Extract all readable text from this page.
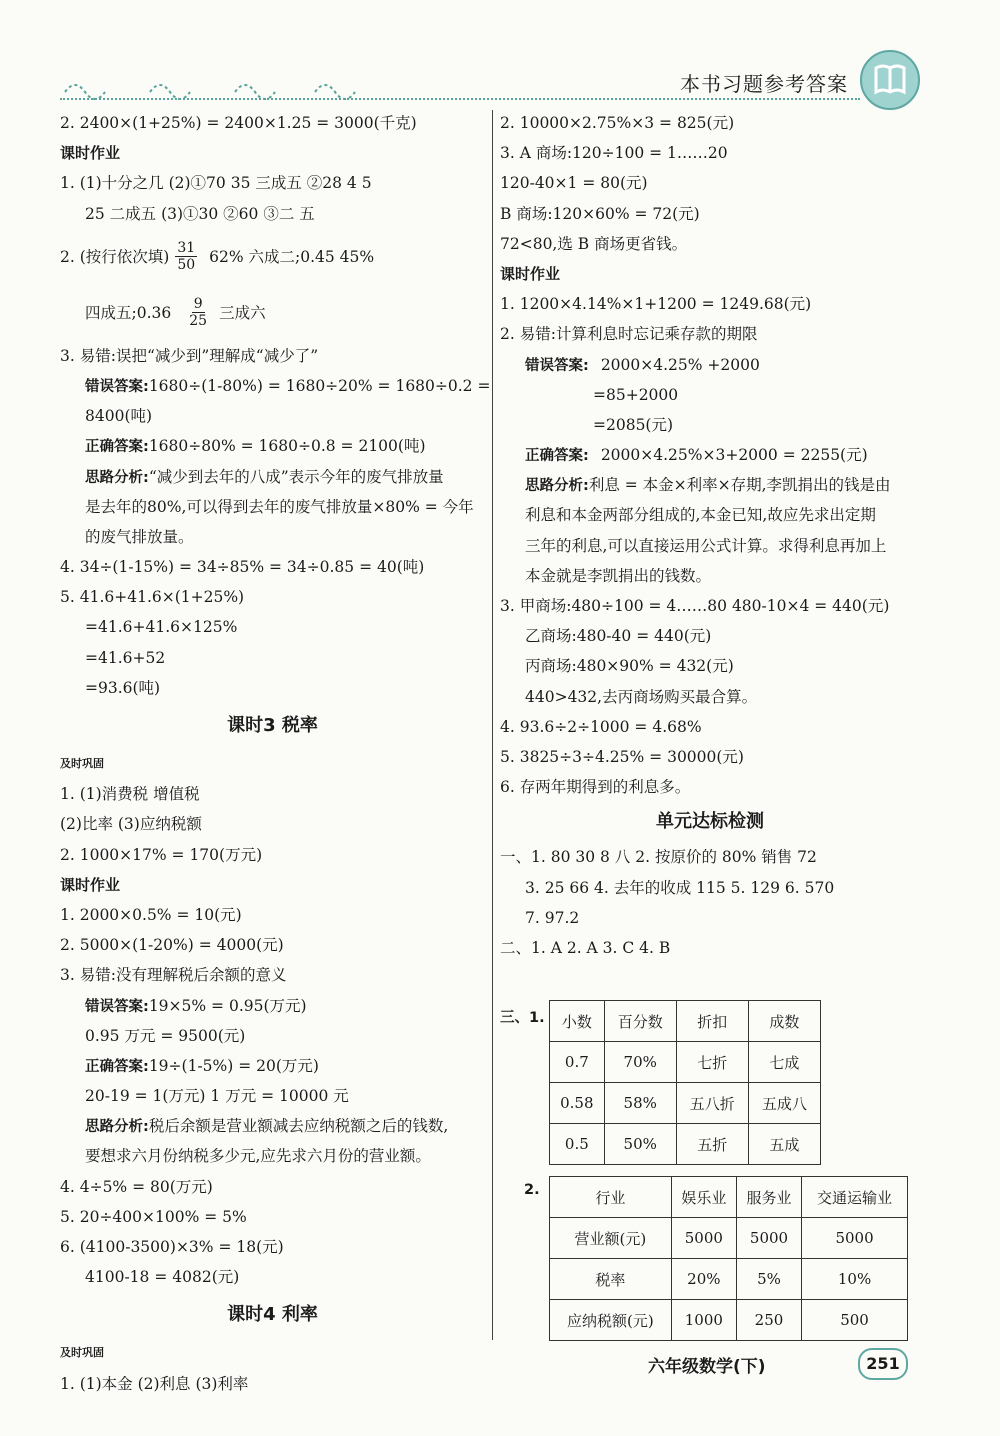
本书习题参考答案
2. 2400×(1+25%) = 2400×1.25 = 3000(千克)
课时作业
1. (1)十分之几 (2)①70 35 三成五 ②28 4 5
25 二成五 (3)①30 ②60 ③二 五
2. (按行依次填) $\frac{31}{50} 62\%$ 六成二;0.45 45%
四成五;0.36 $\frac{9}{25}$ 三成六
3. 易错:误把“减少到”理解成“减少了”
错误答案:1680÷(1-80%) = 1680÷20% = 1680÷0.2 =
8400(吨)
正确答案:1680÷80% = 1680÷0.8 = 2100(吨)
思路分析:“减少到去年的八成”表示今年的废气排放量
是去年的80%,可以得到去年的废气排放量×80% = 今年
的废气排放量。
4. 34÷(1-15%) = 34÷85% = 34÷0.85 = 40(吨)
5. 41.6+41.6×(1+25%)
=41.6+41.6×125%
=41.6+52
=93.6(吨)
课时3 税率
及时巩固
1. (1)消费税 增值税
(2)比率 (3)应纳税额
2. 1000×17% = 170(万元)
课时作业
1. 2000×0.5% = 10(元)
2. 5000×(1-20%) = 4000(元)
3. 易错:没有理解税后余额的意义
错误答案:19×5% = 0.95(万元)
0.95 万元 = 9500(元)
正确答案:19÷(1-5%) = 20(万元)
20-19 = 1(万元) 1 万元 = 10000 元
思路分析:税后余额是营业额减去应纳税额之后的钱数,
要想求六月份纳税多少元,应先求六月份的营业额。
4. 4÷5% = 80(万元)
5. 20÷400×100% = 5%
6. (4100-3500)×3% = 18(元)
4100-18 = 4082(元)
课时4 利率
及时巩固
1. (1)本金 (2)利息 (3)利率
2. 10000×2.75%×3 = 825(元)
3. A 商场:120÷100 = 1……20
120-40×1 = 80(元)
B 商场:120×60% = 72(元)
72<80,选 B 商场更省钱。
课时作业
1. 1200×4.14%×1+1200 = 1249.68(元)
2. 易错:计算利息时忘记乘存款的期限
错误答案: 2000×4.25% +2000
=85+2000
=2085(元)
正确答案: 2000×4.25%×3+2000 = 2255(元)
思路分析:利息 = 本金×利率×存期,李凯捐出的钱是由
利息和本金两部分组成的,本金已知,故应先求出定期
三年的利息,可以直接运用公式计算。求得利息再加上
本金就是李凯捐出的钱数。
3. 甲商场:480÷100 = 4……80 480-10×4 = 440(元)
乙商场:480-40 = 440(元)
丙商场:480×90% = 432(元)
440>432,去丙商场购买最合算。
4. 93.6÷2÷1000 = 4.68%
5. 3825÷3÷4.25% = 30000(元)
6. 存两年期得到的利息多。
单元达标检测
一、1. 80 30 8 八 2. 按原价的 80% 销售 72
3. 25 66 4. 去年的收成 115 5. 129 6. 570
7. 97.2
二、1. A 2. A 3. C 4. B
三、1. 小数	百分数	折扣	成数
0.7	70%	七折	七成
0.58	58%	五八折	五成八
0.5	50%	五折	五成
2.	行业	娱乐业	服务业	交通运输业
营业额(元)	5000	5000	5000
税率	20%	5%	10%
应纳税额(元)	1000	250	500
六年级数学(下)	251
